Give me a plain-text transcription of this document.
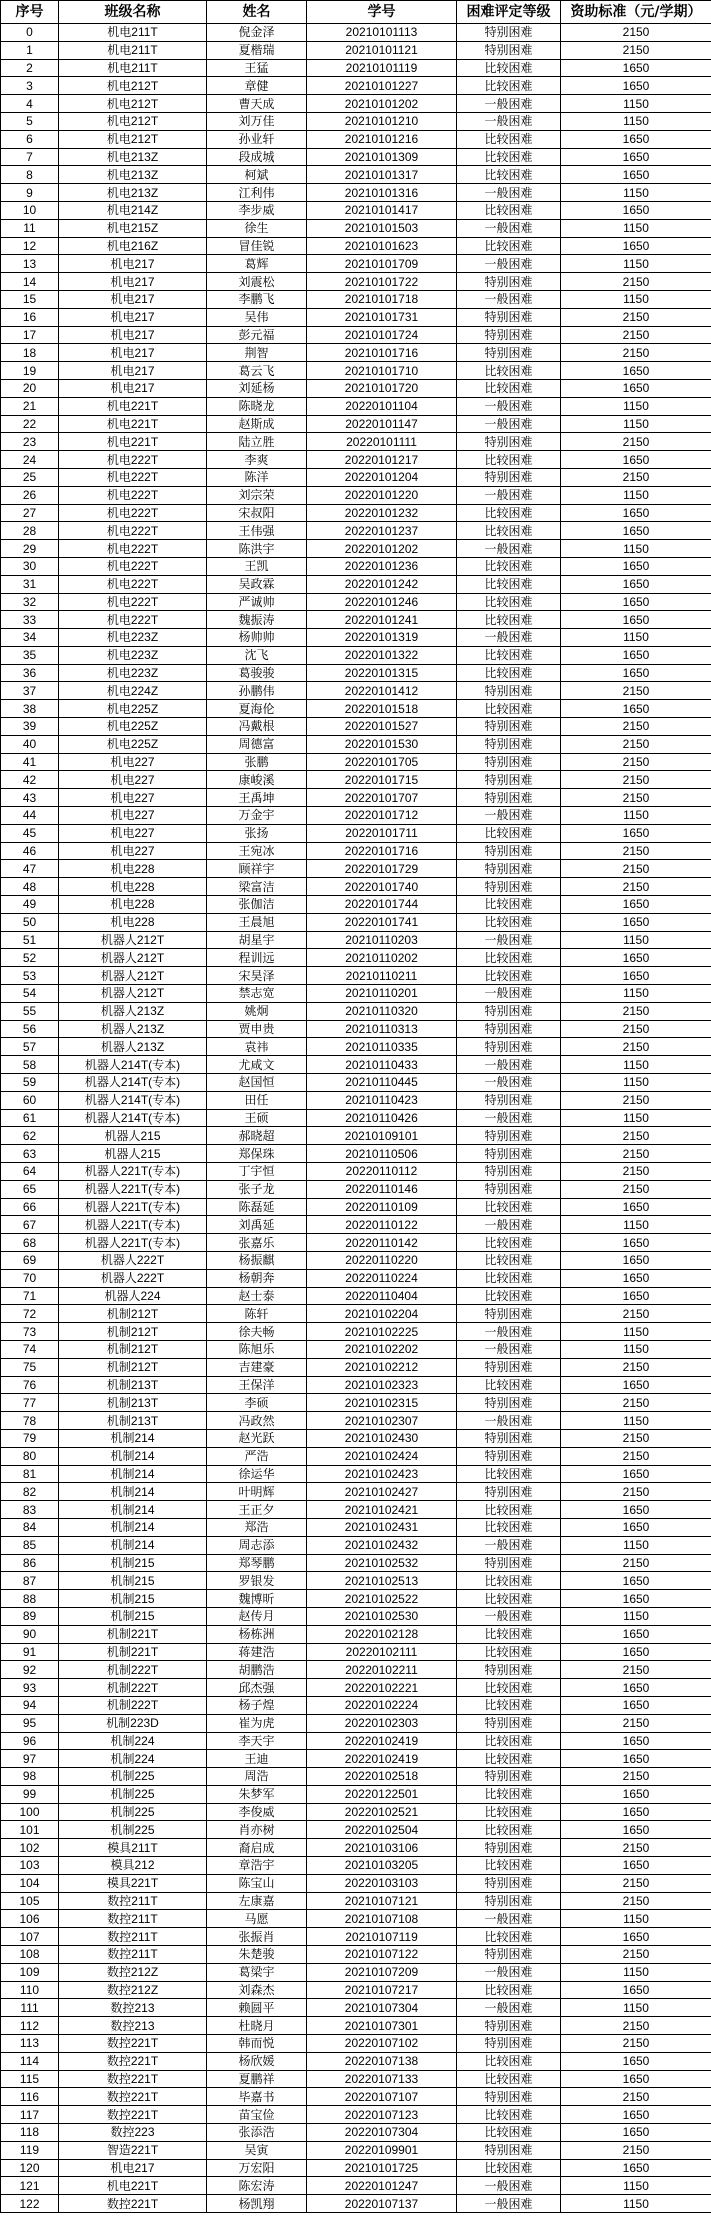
序号	班级名称	姓名	学号	困难评定等级	资助标准（元/学期）
0	机电211T	倪金泽	20210101113	特别困难	2150
1	机电211T	夏楷瑞	20210101121	特别困难	2150
2	机电211T	王猛	20210101119	比较困难	1650
3	机电212T	章健	20210101227	比较困难	1650
4	机电212T	曹天成	20210101202	一般困难	1150
5	机电212T	刘万佳	20210101210	一般困难	1150
6	机电212T	孙业轩	20210101216	比较困难	1650
7	机电213Z	段成城	20210101309	比较困难	1650
8	机电213Z	柯斌	20210101317	比较困难	1650
9	机电213Z	江利伟	20210101316	一般困难	1150
10	机电214Z	李步威	20210101417	比较困难	1650
11	机电215Z	徐生	20210101503	一般困难	1150
12	机电216Z	冒佳锐	20210101623	比较困难	1650
13	机电217	葛辉	20210101709	一般困难	1150
14	机电217	刘震松	20210101722	特别困难	2150
15	机电217	李鹏飞	20210101718	一般困难	1150
16	机电217	吴伟	20210101731	特别困难	2150
17	机电217	彭元福	20210101724	特别困难	2150
18	机电217	荆智	20210101716	特别困难	2150
19	机电217	葛云飞	20210101710	比较困难	1650
20	机电217	刘延杨	20210101720	比较困难	1650
21	机电221T	陈晓龙	20220101104	一般困难	1150
22	机电221T	赵斯成	20220101147	一般困难	1150
23	机电221T	陆立胜	20220101111	特别困难	2150
24	机电222T	李爽	20220101217	比较困难	1650
25	机电222T	陈洋	20220101204	特别困难	2150
26	机电222T	刘宗荣	20220101220	一般困难	1150
27	机电222T	宋叔阳	20220101232	比较困难	1650
28	机电222T	王伟强	20220101237	比较困难	1650
29	机电222T	陈洪宇	20220101202	一般困难	1150
30	机电222T	王凯	20220101236	比较困难	1650
31	机电222T	吴政霖	20220101242	比较困难	1650
32	机电222T	严诚帅	20220101246	比较困难	1650
33	机电222T	魏振涛	20220101241	比较困难	1650
34	机电223Z	杨帅帅	20220101319	一般困难	1150
35	机电223Z	沈飞	20220101322	比较困难	1650
36	机电223Z	葛骏骏	20220101315	比较困难	1650
37	机电224Z	孙鹏伟	20220101412	特别困难	2150
38	机电225Z	夏海伦	20220101518	比较困难	1650
39	机电225Z	冯戴根	20220101527	特别困难	2150
40	机电225Z	周德富	20220101530	特别困难	2150
41	机电227	张鹏	20220101705	特别困难	2150
42	机电227	康峻溪	20220101715	特别困难	2150
43	机电227	王禹坤	20220101707	特别困难	2150
44	机电227	万金宇	20220101712	一般困难	1150
45	机电227	张扬	20220101711	比较困难	1650
46	机电227	王宛冰	20220101716	特别困难	2150
47	机电228	顾祥宇	20220101729	特别困难	2150
48	机电228	梁富洁	20220101740	特别困难	2150
49	机电228	张伽洁	20220101744	比较困难	1650
50	机电228	王晨旭	20220101741	比较困难	1650
51	机器人212T	胡星宇	20210110203	一般困难	1150
52	机器人212T	程训远	20210110202	比较困难	1650
53	机器人212T	宋昊泽	20210110211	比较困难	1650
54	机器人212T	禁志宽	20210110201	一般困难	1150
55	机器人213Z	姚炯	20210110320	特别困难	2150
56	机器人213Z	贾申贵	20210110313	特别困难	2150
57	机器人213Z	袁祎	20210110335	特别困难	2150
58	机器人214T(专本)	尤咸文	20210110433	一般困难	1150
59	机器人214T(专本)	赵国恒	20210110445	一般困难	1150
60	机器人214T(专本)	田任	20210110423	特别困难	2150
61	机器人214T(专本)	王硕	20210110426	一般困难	1150
62	机器人215	郝晓超	20210109101	特别困难	2150
63	机器人215	郑保珠	20210110506	特别困难	2150
64	机器人221T(专本)	丁宇恒	20220110112	特别困难	2150
65	机器人221T(专本)	张子龙	20220110146	特别困难	2150
66	机器人221T(专本)	陈磊延	20220110109	比较困难	1650
67	机器人221T(专本)	刘禹延	20220110122	一般困难	1150
68	机器人221T(专本)	张嘉乐	20220110142	比较困难	1650
69	机器人222T	杨振麒	20220110220	比较困难	1650
70	机器人222T	杨朝奔	20220110224	比较困难	1650
71	机器人224	赵士泰	20220110404	比较困难	1650
72	机制212T	陈轩	20210102204	特别困难	2150
73	机制212T	徐夫畅	20210102225	一般困难	1150
74	机制212T	陈旭乐	20210102202	一般困难	1150
75	机制212T	吉建豪	20210102212	特别困难	2150
76	机制213T	王保洋	20210102323	比较困难	1650
77	机制213T	李硕	20210102315	特别困难	2150
78	机制213T	冯政然	20210102307	一般困难	1150
79	机制214	赵光跃	20210102430	特别困难	2150
80	机制214	严浩	20210102424	特别困难	2150
81	机制214	徐运华	20210102423	比较困难	1650
82	机制214	叶明辉	20210102427	特别困难	2150
83	机制214	王正夕	20210102421	比较困难	1650
84	机制214	郑浩	20210102431	比较困难	1650
85	机制214	周志添	20210102432	一般困难	1150
86	机制215	郑琴鹏	20210102532	特别困难	2150
87	机制215	罗银发	20210102513	比较困难	1650
88	机制215	魏博昕	20210102522	比较困难	1650
89	机制215	赵传月	20210102530	一般困难	1150
90	机制221T	杨栋洲	20220102128	比较困难	1650
91	机制221T	蒋建浩	20220102111	比较困难	1650
92	机制222T	胡鹏浩	20220102211	特别困难	2150
93	机制222T	邱杰强	20220102221	比较困难	1650
94	机制222T	杨子煌	20220102224	比较困难	1650
95	机制223D	崔为虎	20220102303	特别困难	2150
96	机制224	李天宇	20220102419	比较困难	1650
97	机制224	王迪	20220102419	比较困难	1650
98	机制225	周浩	20220102518	特别困难	2150
99	机制225	朱梦军	20220122501	比较困难	1650
100	机制225	李俊威	20220102521	比较困难	1650
101	机制225	肖亦树	20220102504	比较困难	1650
102	模具211T	裔启成	20210103106	特别困难	2150
103	模具212	章浩宇	20210103205	比较困难	1650
104	模具221T	陈宝山	20220103103	特别困难	2150
105	数控211T	左康嘉	20210107121	特别困难	2150
106	数控211T	马愿	20210107108	一般困难	1150
107	数控211T	张振肖	20210107119	比较困难	1650
108	数控211T	朱楚骏	20210107122	特别困难	2150
109	数控212Z	葛梁宇	20210107209	一般困难	1150
110	数控212Z	刘森杰	20210107217	比较困难	1650
111	数控213	赖圆平	20210107304	一般困难	1150
112	数控213	杜晓月	20210107301	特别困难	2150
113	数控221T	韩而悦	20220107102	特别困难	2150
114	数控221T	杨欣媛	20220107138	比较困难	1650
115	数控221T	夏鹏祥	20220107133	比较困难	1650
116	数控221T	毕嘉书	20220107107	特别困难	2150
117	数控221T	苗宝俭	20220107123	比较困难	1650
118	数控223	张添浩	20220107304	比较困难	1650
119	智造221T	吴寅	20220109901	特别困难	2150
120	机电217	万宏阳	20210101725	比较困难	1650
121	机电221T	陈宏涛	20220101247	一般困难	1150
122	数控221T	杨凯翔	20220107137	一般困难	1150
